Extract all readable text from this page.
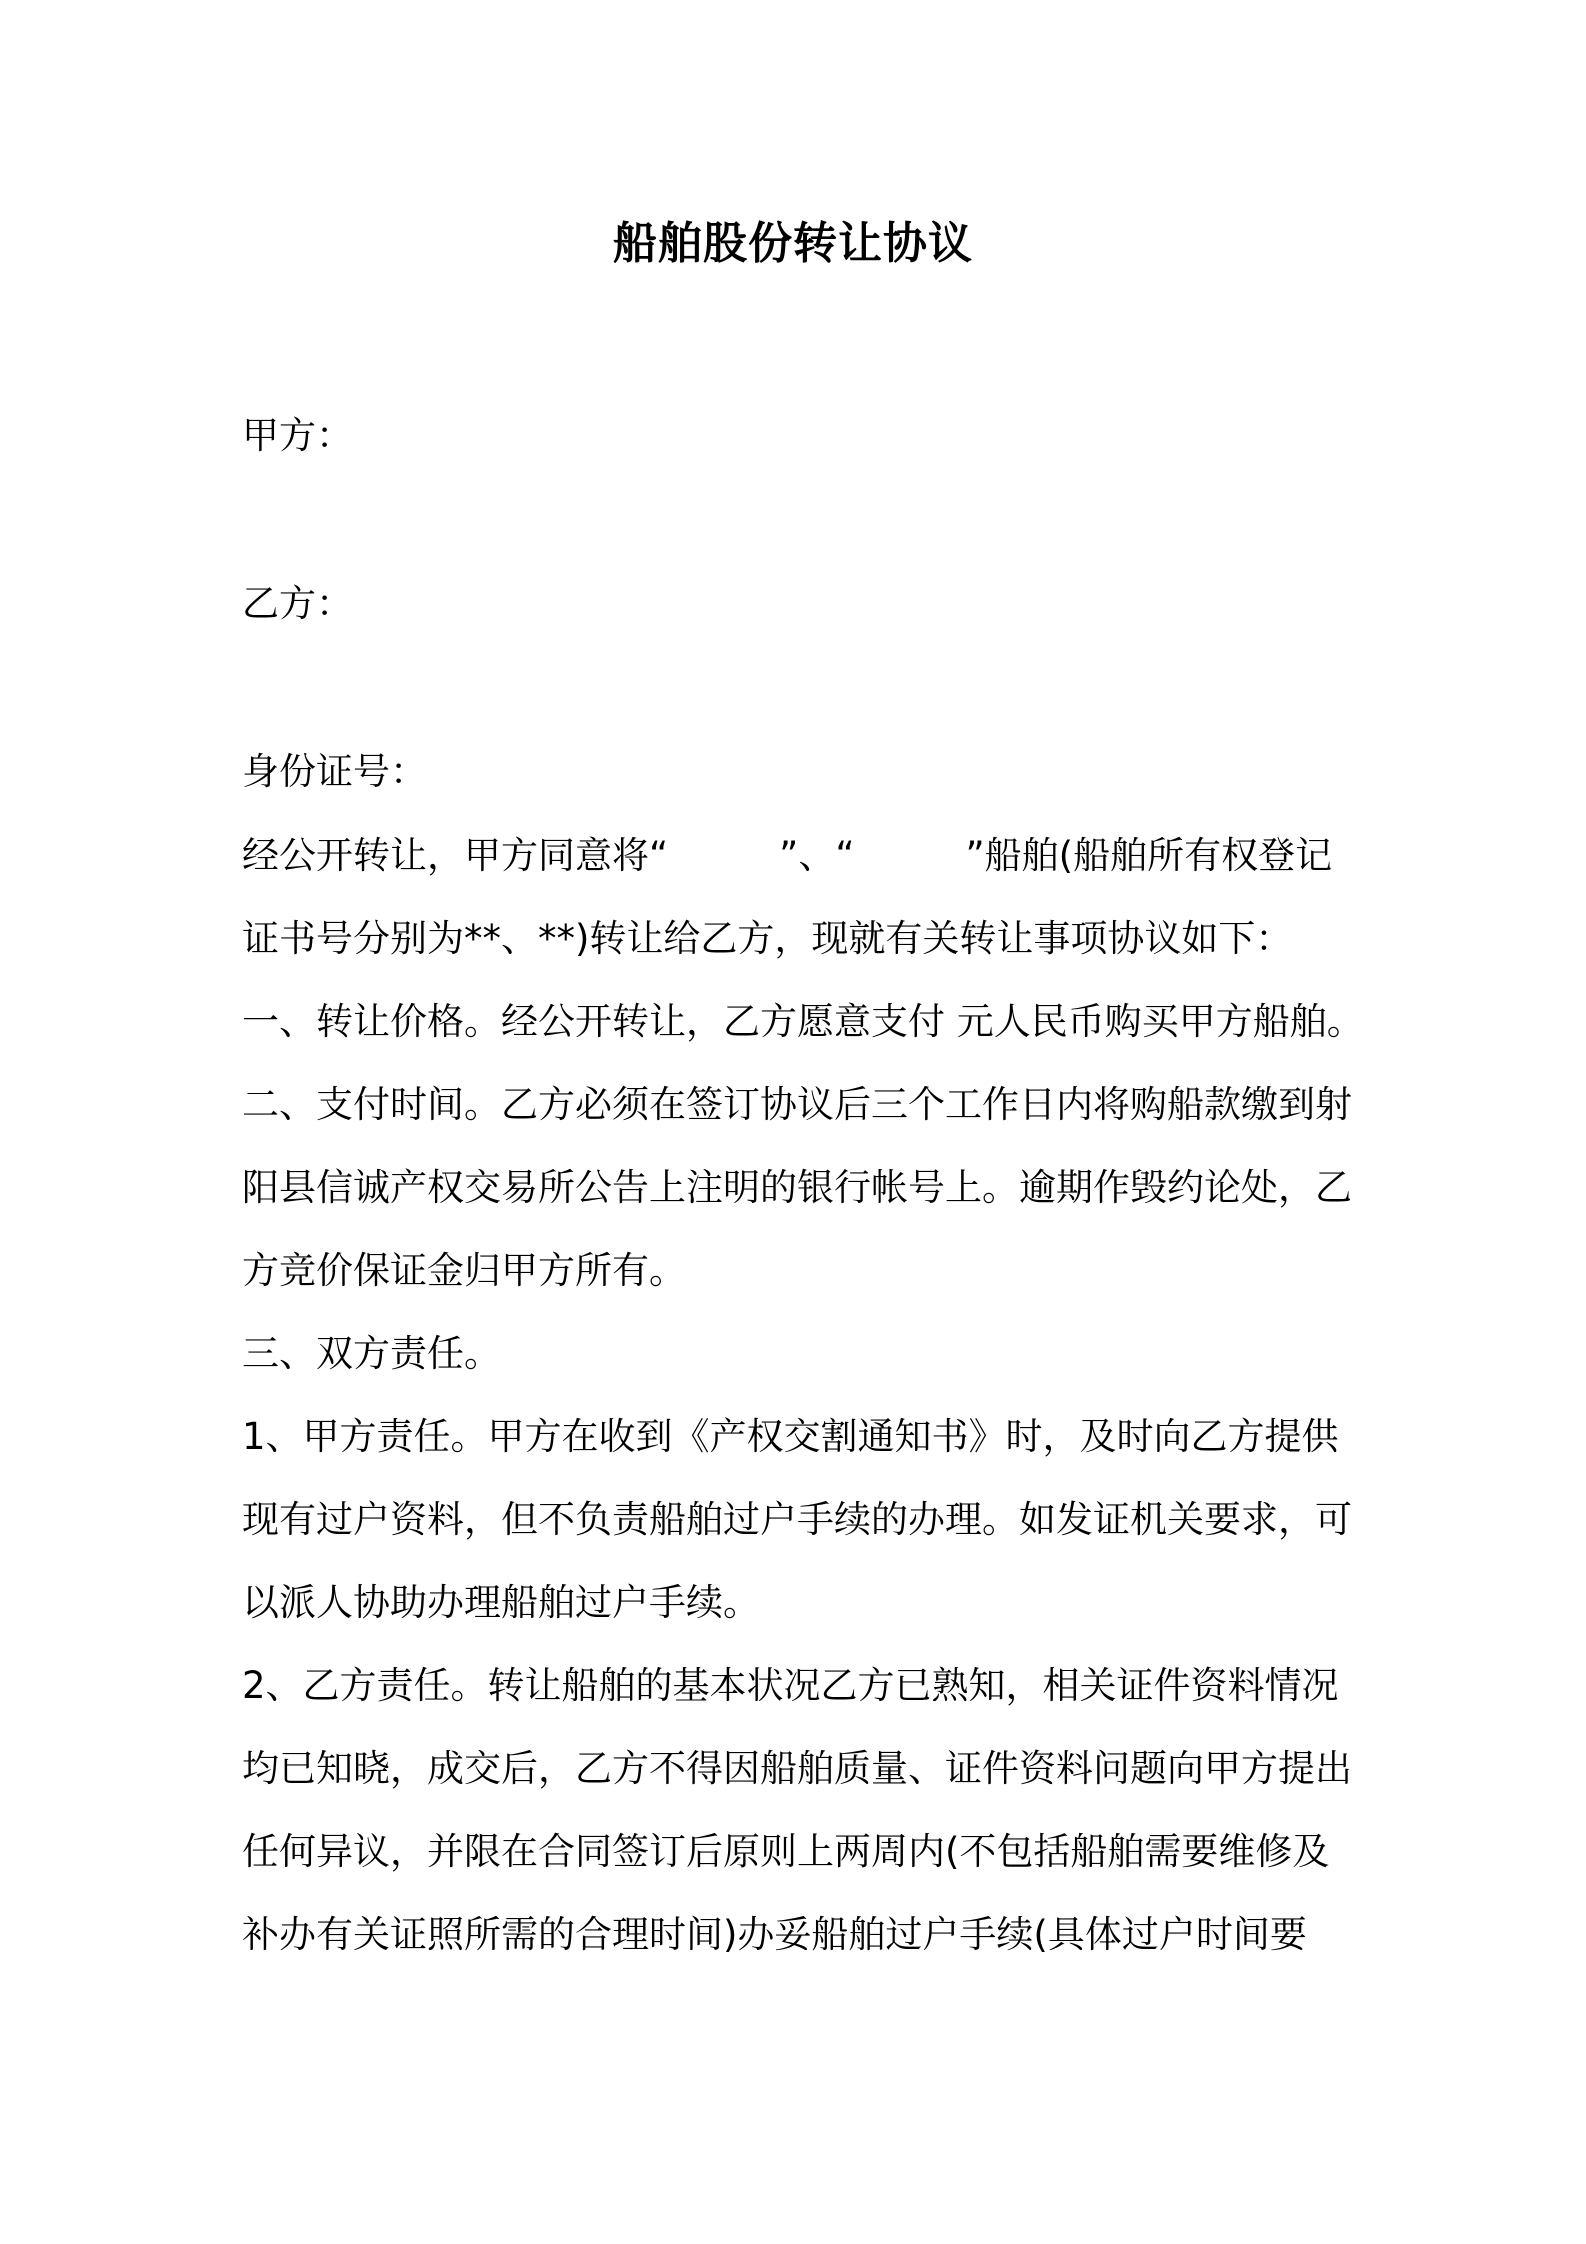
船舶股份转让协议
甲方：
乙方：
身份证号：
经公开转让，甲方同意将“　　　”、“　　　”船舶(船舶所有权登记
证书号分别为**、**)转让给乙方，现就有关转让事项协议如下：
一、转让价格。经公开转让，乙方愿意支付 元人民币购买甲方船舶。
二、支付时间。乙方必须在签订协议后三个工作日内将购船款缴到射
阳县信诚产权交易所公告上注明的银行帐号上。逾期作毁约论处，乙
方竞价保证金归甲方所有。
三、双方责任。
1、甲方责任。甲方在收到《产权交割通知书》时，及时向乙方提供
现有过户资料，但不负责船舶过户手续的办理。如发证机关要求，可
以派人协助办理船舶过户手续。
2、乙方责任。转让船舶的基本状况乙方已熟知，相关证件资料情况
均已知晓，成交后，乙方不得因船舶质量、证件资料问题向甲方提出
任何异议，并限在合同签订后原则上两周内(不包括船舶需要维修及
补办有关证照所需的合理时间)办妥船舶过户手续(具体过户时间要
